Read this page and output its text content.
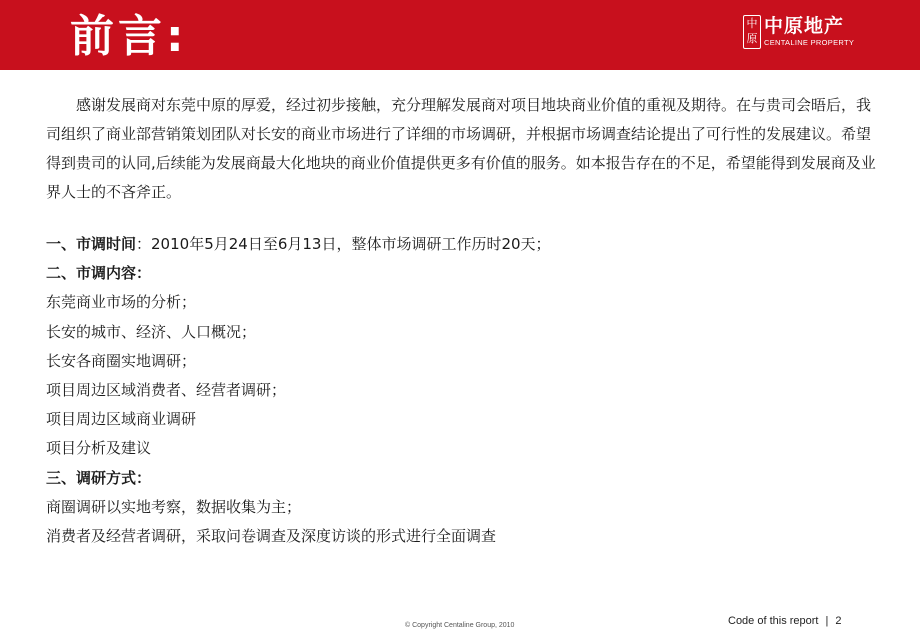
前言:	中原
中原地产
CENTALINE PROPERTY

感谢发展商对东莞中原的厚爱，经过初步接触，充分理解发展商对项目地块商业价值的重视及期待。在与贵司会晤后，我司组织了商业部营销策划团队对长安的商业市场进行了详细的市场调研，并根据市场调查结论提出了可行性的发展建议。希望得到贵司的认同,后续能为发展商最大化地块的商业价值提供更多有价值的服务。如本报告存在的不足，希望能得到发展商及业界人士的不吝斧正。

一、市调时间：2010年5月24日至6月13日，整体市场调研工作历时20天；
二、市调内容：
东莞商业市场的分析；
长安的城市、经济、人口概况；
长安各商圈实地调研；
项目周边区域消费者、经营者调研；
项目周边区域商业调研
项目分析及建议
三、调研方式：
商圈调研以实地考察，数据收集为主；
消费者及经营者调研，采取问卷调查及深度访谈的形式进行全面调查
© Copyright Centaline Group, 2010	Code of this report | 2
